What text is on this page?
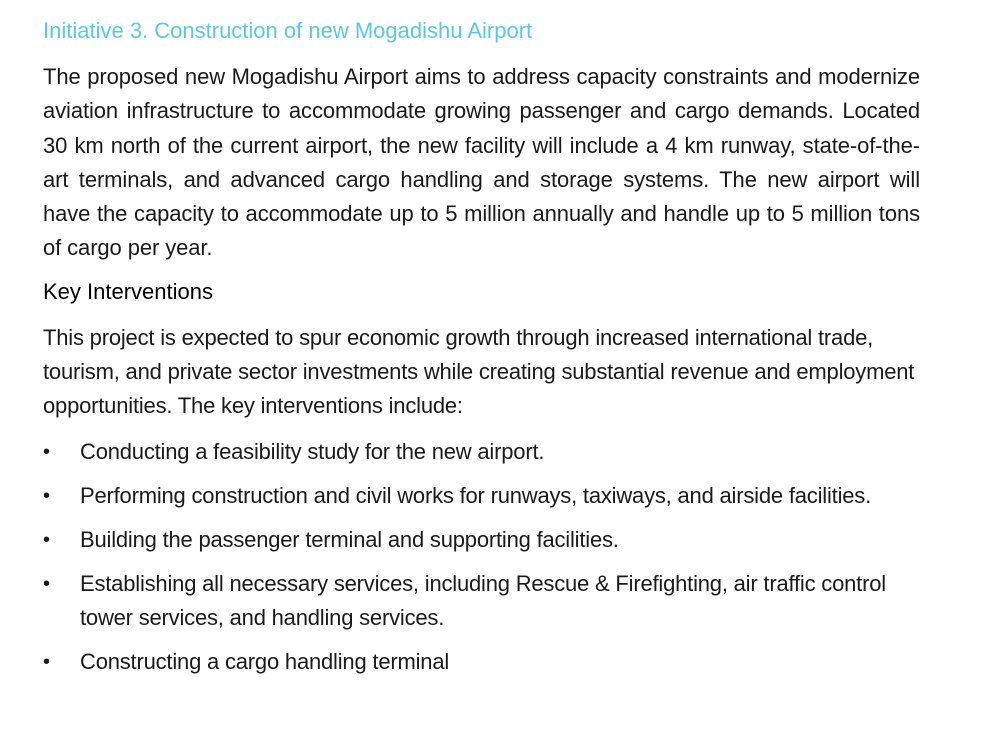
Initiative 3. Construction of new Mogadishu Airport

The proposed new Mogadishu Airport aims to address capacity constraints and modernize aviation infrastructure to accommodate growing passenger and cargo demands. Located 30 km north of the current airport, the new facility will include a 4 km runway, state-of-the-art terminals, and advanced cargo handling and storage systems. The new airport will have the capacity to accommodate up to 5 million annually and handle up to 5 million tons of cargo per year.

Key Interventions

This project is expected to spur economic growth through increased international trade, tourism, and private sector investments while creating substantial revenue and employment opportunities. The key interventions include:

•	Conducting a feasibility study for the new airport.
•	Performing construction and civil works for runways, taxiways, and airside facilities.
•	Building the passenger terminal and supporting facilities.
•	Establishing all necessary services, including Rescue & Firefighting, air traffic control tower services, and handling services.
•	Constructing a cargo handling terminal
